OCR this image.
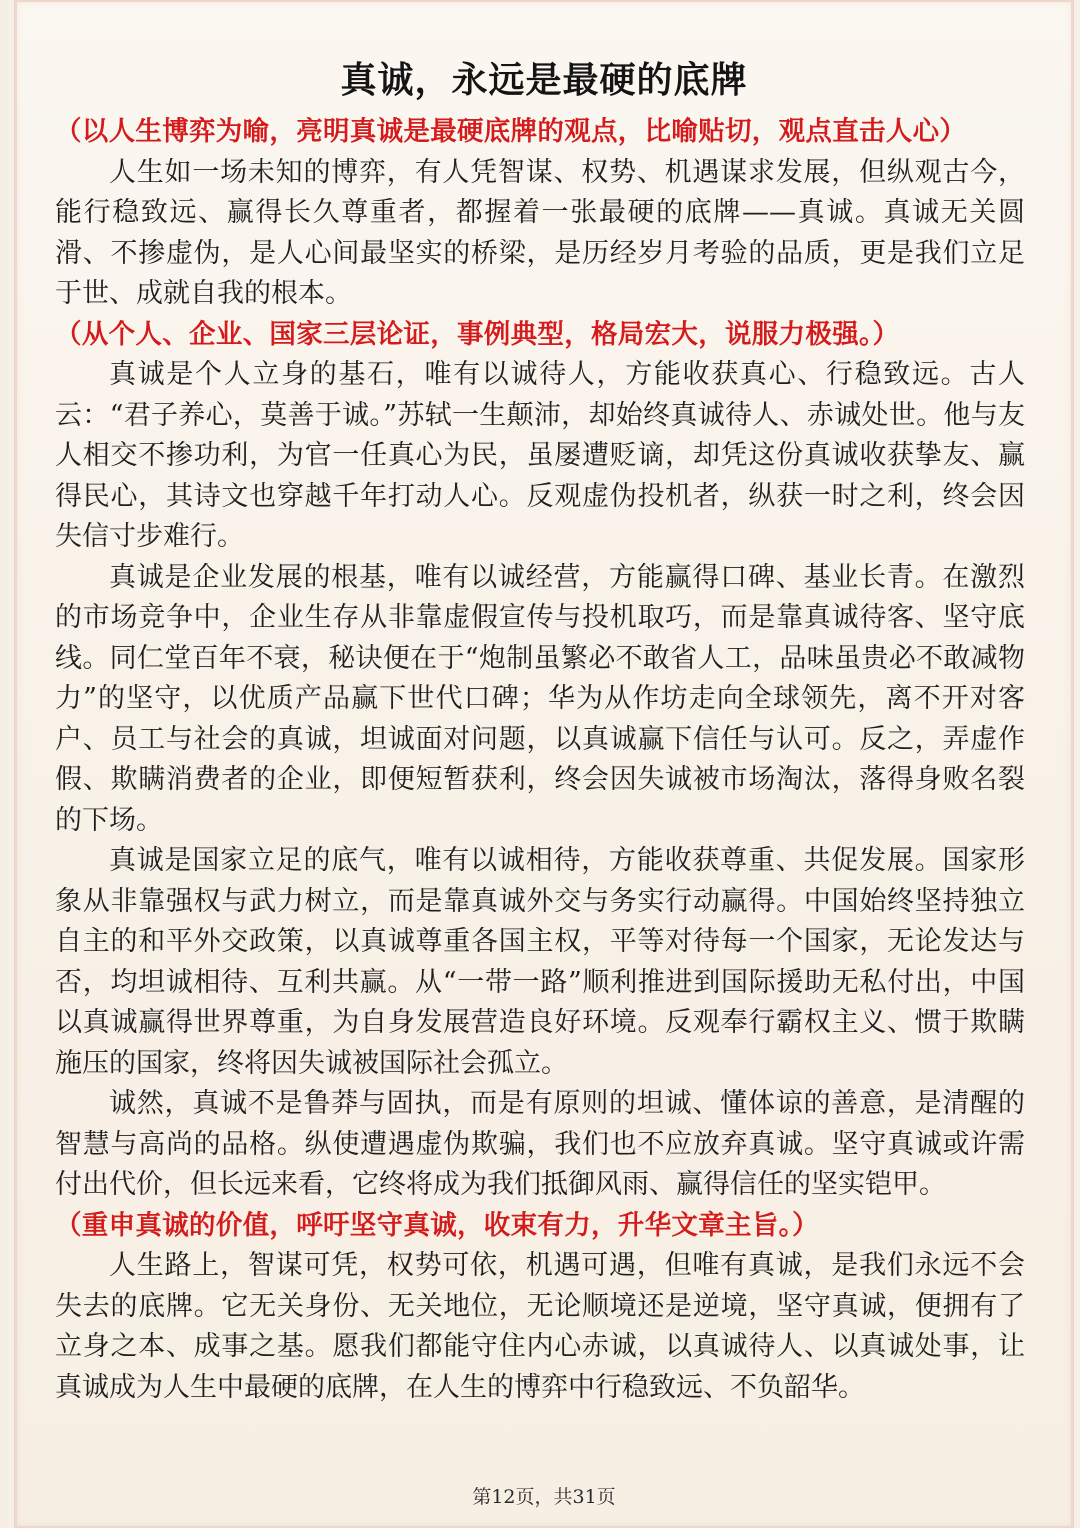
真诚，永远是最硬的底牌

（以人生博弈为喻，亮明真诚是最硬底牌的观点，比喻贴切，观点直击人心）

人生如一场未知的博弈，有人凭智谋、权势、机遇谋求发展，但纵观古今，能行稳致远、赢得长久尊重者，都握着一张最硬的底牌——真诚。真诚无关圆滑、不掺虚伪，是人心间最坚实的桥梁，是历经岁月考验的品质，更是我们立足于世、成就自我的根本。

（从个人、企业、国家三层论证，事例典型，格局宏大，说服力极强。）

真诚是个人立身的基石，唯有以诚待人，方能收获真心、行稳致远。古人云：“君子养心，莫善于诚。”苏轼一生颠沛，却始终真诚待人、赤诚处世。他与友人相交不掺功利，为官一任真心为民，虽屡遭贬谪，却凭这份真诚收获挚友、赢得民心，其诗文也穿越千年打动人心。反观虚伪投机者，纵获一时之利，终会因失信寸步难行。

真诚是企业发展的根基，唯有以诚经营，方能赢得口碑、基业长青。在激烈的市场竞争中，企业生存从非靠虚假宣传与投机取巧，而是靠真诚待客、坚守底线。同仁堂百年不衰，秘诀便在于“炮制虽繁必不敢省人工，品味虽贵必不敢减物力”的坚守，以优质产品赢下世代口碑；华为从作坊走向全球领先，离不开对客户、员工与社会的真诚，坦诚面对问题，以真诚赢下信任与认可。反之，弄虚作假、欺瞒消费者的企业，即便短暂获利，终会因失诚被市场淘汰，落得身败名裂的下场。

真诚是国家立足的底气，唯有以诚相待，方能收获尊重、共促发展。国家形象从非靠强权与武力树立，而是靠真诚外交与务实行动赢得。中国始终坚持独立自主的和平外交政策，以真诚尊重各国主权，平等对待每一个国家，无论发达与否，均坦诚相待、互利共赢。从“一带一路”顺利推进到国际援助无私付出，中国以真诚赢得世界尊重，为自身发展营造良好环境。反观奉行霸权主义、惯于欺瞒施压的国家，终将因失诚被国际社会孤立。

诚然，真诚不是鲁莽与固执，而是有原则的坦诚、懂体谅的善意，是清醒的智慧与高尚的品格。纵使遭遇虚伪欺骗，我们也不应放弃真诚。坚守真诚或许需付出代价，但长远来看，它终将成为我们抵御风雨、赢得信任的坚实铠甲。

（重申真诚的价值，呼吁坚守真诚，收束有力，升华文章主旨。）

人生路上，智谋可凭，权势可依，机遇可遇，但唯有真诚，是我们永远不会失去的底牌。它无关身份、无关地位，无论顺境还是逆境，坚守真诚，便拥有了立身之本、成事之基。愿我们都能守住内心赤诚，以真诚待人、以真诚处事，让真诚成为人生中最硬的底牌，在人生的博弈中行稳致远、不负韶华。

第12页，共31页
